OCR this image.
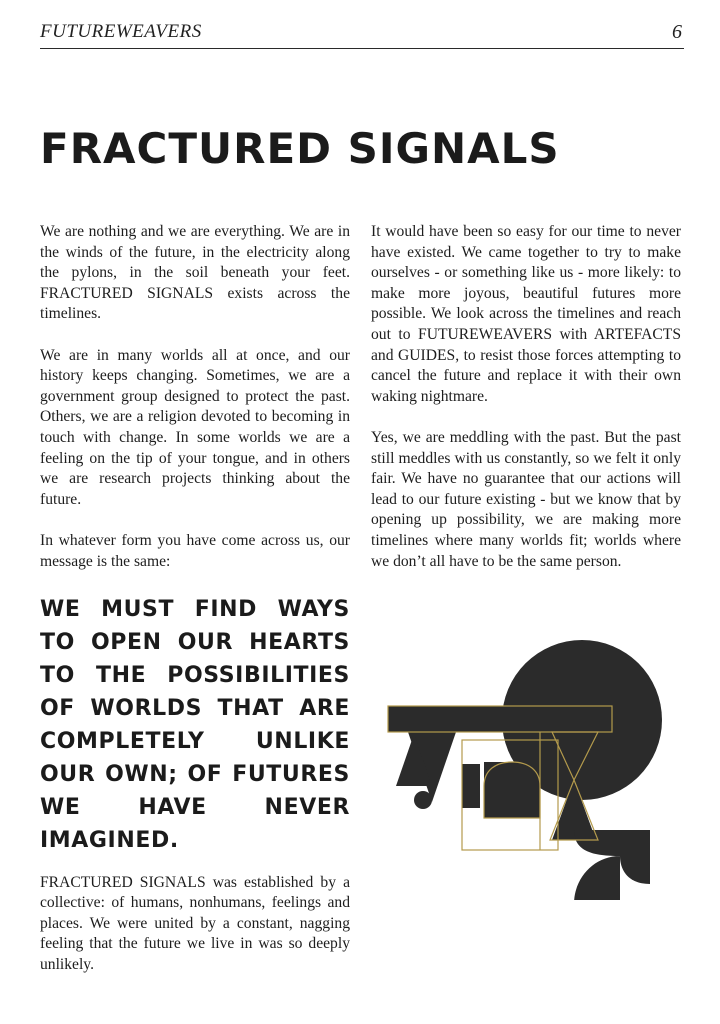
FUTUREWEAVERS	6
FRACTURED SIGNALS

We are nothing and we are everything. We are in the winds of the future, in the electricity along the pylons, in the soil beneath your feet. FRACTURED SIGNALS exists across the timelines.

We are in many worlds all at once, and our history keeps changing. Sometimes, we are a government group designed to protect the past. Others, we are a religion devoted to becoming in touch with change. In some worlds we are a feeling on the tip of your tongue, and in others we are research projects thinking about the future.

In whatever form you have come across us, our message is the same:

WE MUST FIND WAYS TO OPEN OUR HEARTS TO THE POSSIBILITIES OF WORLDS THAT ARE COMPLETELY UNLIKE OUR OWN; OF FUTURES WE HAVE NEVER IMAGINED.

FRACTURED SIGNALS was established by a collective: of humans, nonhumans, feelings and places. We were united by a constant, nagging feeling that the future we live in was so deeply unlikely.

It would have been so easy for our time to never have existed. We came together to try to make ourselves - or something like us - more likely: to make more joyous, beautiful futures more possible. We look across the timelines and reach out to FUTUREWEAVERS with ARTEFACTS and GUIDES, to resist those forces attempting to cancel the future and replace it with their own waking nightmare.

Yes, we are meddling with the past. But the past still meddles with us constantly, so we felt it only fair. We have no guarantee that our actions will lead to our future existing - but we know that by opening up possibility, we are making more timelines where many worlds fit; worlds where we don’t all have to be the same person.
